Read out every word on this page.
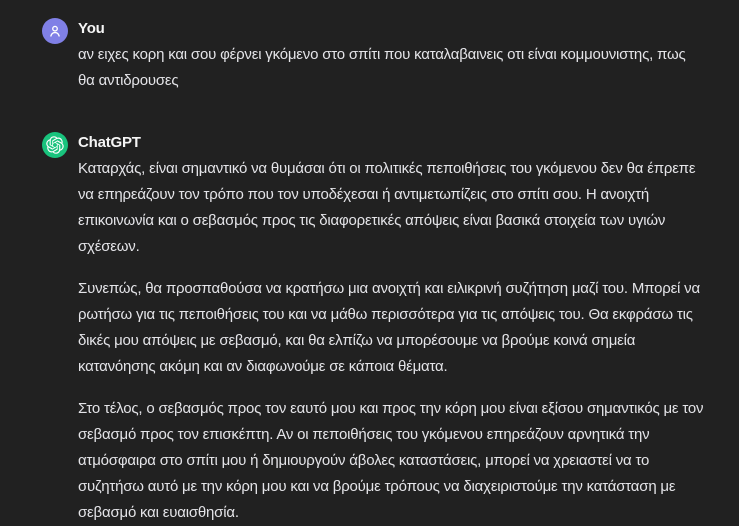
You

αν ειχες κορη και σου φέρνει γκόμενο στο σπίτι που καταλαβαινεις οτι είναι κομμουνιστης, πως θα αντιδρουσες

ChatGPT

Καταρχάς, είναι σημαντικό να θυμάσαι ότι οι πολιτικές πεποιθήσεις του γκόμενου δεν θα έπρεπε να επηρεάζουν τον τρόπο που τον υποδέχεσαι ή αντιμετωπίζεις στο σπίτι σου. Η ανοιχτή επικοινωνία και ο σεβασμός προς τις διαφορετικές απόψεις είναι βασικά στοιχεία των υγιών σχέσεων.

Συνεπώς, θα προσπαθούσα να κρατήσω μια ανοιχτή και ειλικρινή συζήτηση μαζί του. Μπορεί να ρωτήσω για τις πεποιθήσεις του και να μάθω περισσότερα για τις απόψεις του. Θα εκφράσω τις δικές μου απόψεις με σεβασμό, και θα ελπίζω να μπορέσουμε να βρούμε κοινά σημεία κατανόησης ακόμη και αν διαφωνούμε σε κάποια θέματα.

Στο τέλος, ο σεβασμός προς τον εαυτό μου και προς την κόρη μου είναι εξίσου σημαντικός με τον σεβασμό προς τον επισκέπτη. Αν οι πεποιθήσεις του γκόμενου επηρεάζουν αρνητικά την ατμόσφαιρα στο σπίτι μου ή δημιουργούν άβολες καταστάσεις, μπορεί να χρειαστεί να το συζητήσω αυτό με την κόρη μου και να βρούμε τρόπους να διαχειριστούμε την κατάσταση με σεβασμό και ευαισθησία.
